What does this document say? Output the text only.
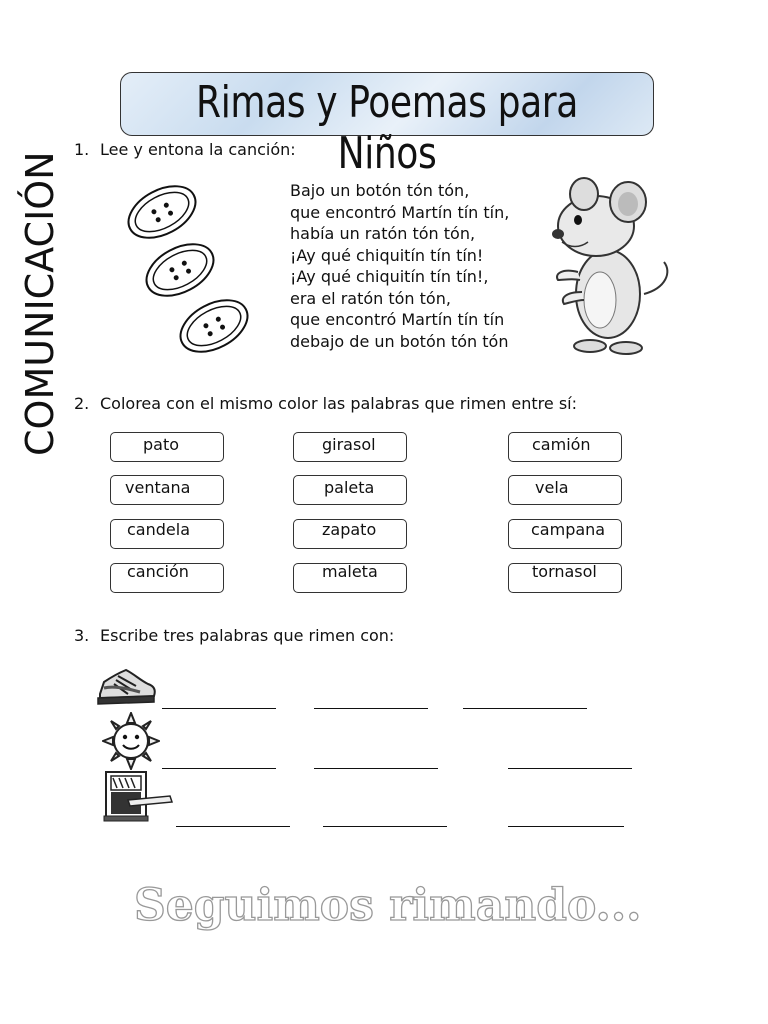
Rimas y Poemas para Niños
COMUNICACIÓN
1. Lee y entona la canción:
Bajo un botón tón tón,
que encontró Martín tín tín,
había un ratón tón tón,
¡Ay qué chiquitín tín tín!
¡Ay qué chiquitín tín tín!,
era el ratón tón tón,
que encontró Martín tín tín
debajo de un botón tón tón
2. Colorea con el mismo color las palabras que rimen entre sí:
pato
ventana
candela
canción
girasol
paleta
zapato
maleta
camión
vela
campana
tornasol
3. Escribe tres palabras que rimen con:
Seguimos rimando...
